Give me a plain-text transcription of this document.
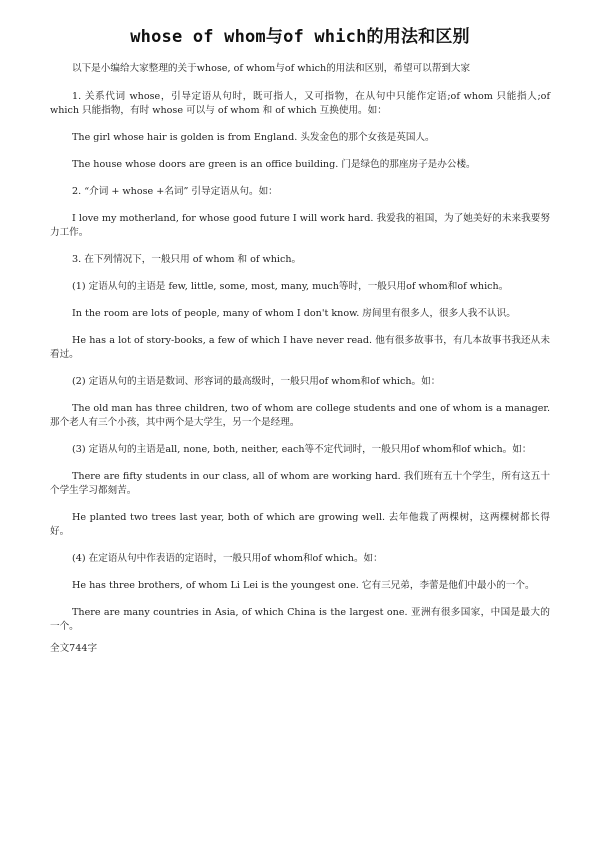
whose of whom与of which的用法和区别

以下是小编给大家整理的关于whose, of whom与of which的用法和区别，希望可以帮到大家

1. 关系代词 whose，引导定语从句时，既可指人，又可指物，在从句中只能作定语;of whom 只能指人;of which 只能指物，有时 whose 可以与 of whom 和 of which 互换使用。如：

The girl whose hair is golden is from England. 头发金色的那个女孩是英国人。

The house whose doors are green is an office building. 门是绿色的那座房子是办公楼。

2. “介词 + whose +名词” 引导定语从句。如：

I love my motherland, for whose good future I will work hard. 我爱我的祖国，为了她美好的未来我要努力工作。

3. 在下列情况下，一般只用 of whom 和 of which。

(1) 定语从句的主语是 few, little, some, most, many, much等时，一般只用of whom和of which。

In the room are lots of people, many of whom I don't know. 房间里有很多人，很多人我不认识。

He has a lot of story-books, a few of which I have never read. 他有很多故事书，有几本故事书我还从未看过。

(2) 定语从句的主语是数词、形容词的最高级时，一般只用of whom和of which。如：

The old man has three children, two of whom are college students and one of whom is a manager. 那个老人有三个小孩，其中两个是大学生，另一个是经理。

(3) 定语从句的主语是all, none, both, neither, each等不定代词时，一般只用of whom和of which。如：

There are fifty students in our class, all of whom are working hard. 我们班有五十个学生，所有这五十个学生学习都刻苦。

He planted two trees last year, both of which are growing well. 去年他栽了两棵树，这两棵树都长得好。

(4) 在定语从句中作表语的定语时，一般只用of whom和of which。如：

He has three brothers, of whom Li Lei is the youngest one. 它有三兄弟，李蕾是他们中最小的一个。

There are many countries in Asia, of which China is the largest one. 亚洲有很多国家，中国是最大的一个。

全文744字
